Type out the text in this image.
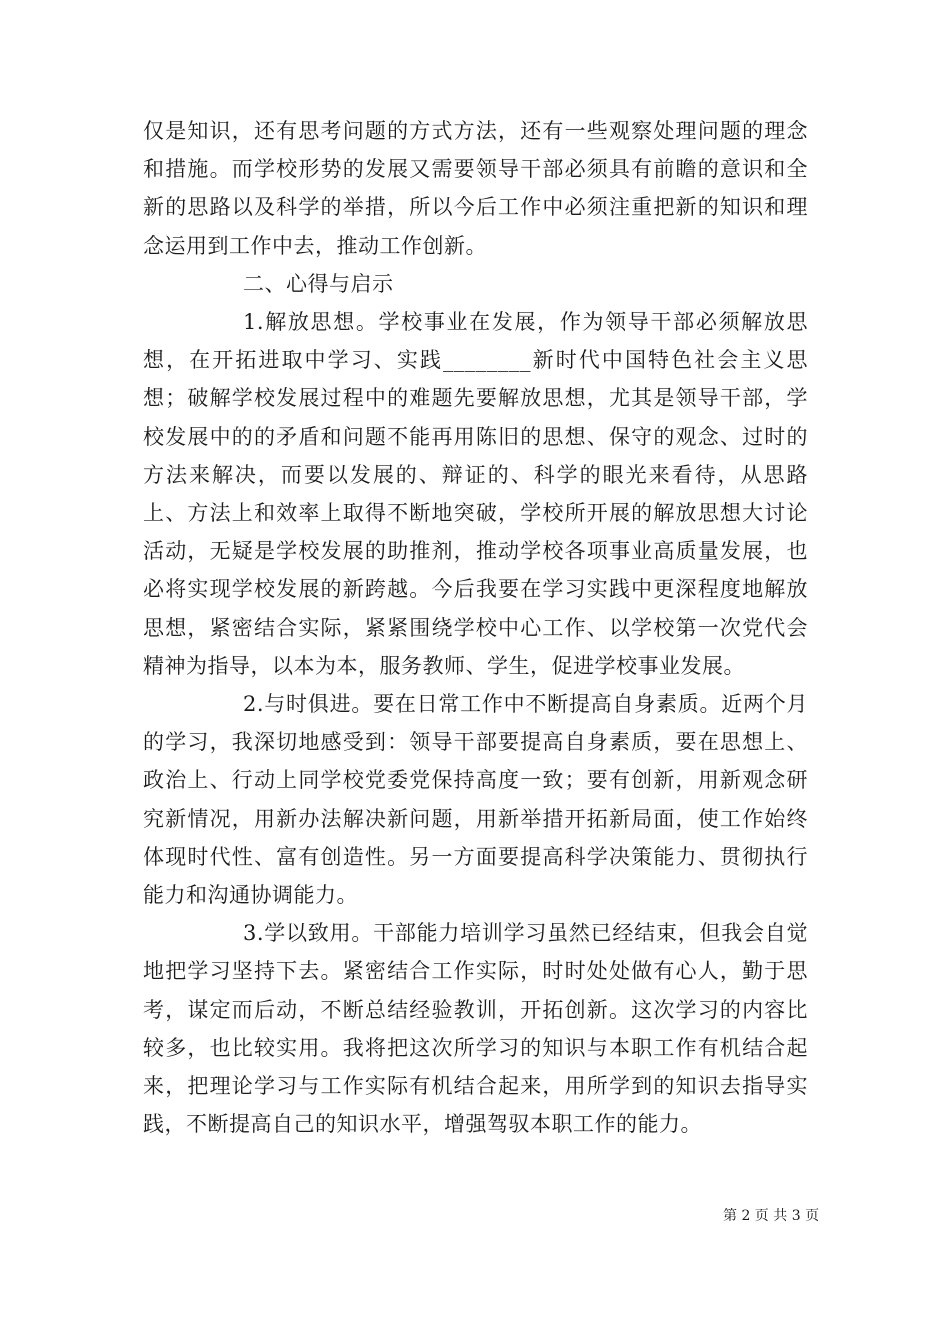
仅是知识，还有思考问题的方式方法，还有一些观察处理问题的理念和措施。而学校形势的发展又需要领导干部必须具有前瞻的意识和全新的思路以及科学的举措，所以今后工作中必须注重把新的知识和理念运用到工作中去，推动工作创新。

二、心得与启示

1.解放思想。学校事业在发展，作为领导干部必须解放思想，在开拓进取中学习、实践________新时代中国特色社会主义思想；破解学校发展过程中的难题先要解放思想，尤其是领导干部，学校发展中的的矛盾和问题不能再用陈旧的思想、保守的观念、过时的方法来解决，而要以发展的、辩证的、科学的眼光来看待，从思路上、方法上和效率上取得不断地突破，学校所开展的解放思想大讨论活动，无疑是学校发展的助推剂，推动学校各项事业高质量发展，也必将实现学校发展的新跨越。今后我要在学习实践中更深程度地解放思想，紧密结合实际，紧紧围绕学校中心工作、以学校第一次党代会精神为指导，以本为本，服务教师、学生，促进学校事业发展。

2.与时俱进。要在日常工作中不断提高自身素质。近两个月的学习，我深切地感受到：领导干部要提高自身素质，要在思想上、政治上、行动上同学校党委党保持高度一致；要有创新，用新观念研究新情况，用新办法解决新问题，用新举措开拓新局面，使工作始终体现时代性、富有创造性。另一方面要提高科学决策能力、贯彻执行能力和沟通协调能力。

3.学以致用。干部能力培训学习虽然已经结束，但我会自觉地把学习坚持下去。紧密结合工作实际，时时处处做有心人，勤于思考，谋定而后动，不断总结经验教训，开拓创新。这次学习的内容比较多，也比较实用。我将把这次所学习的知识与本职工作有机结合起来，把理论学习与工作实际有机结合起来，用所学到的知识去指导实践，不断提高自己的知识水平，增强驾驭本职工作的能力。

第 2 页 共 3 页
